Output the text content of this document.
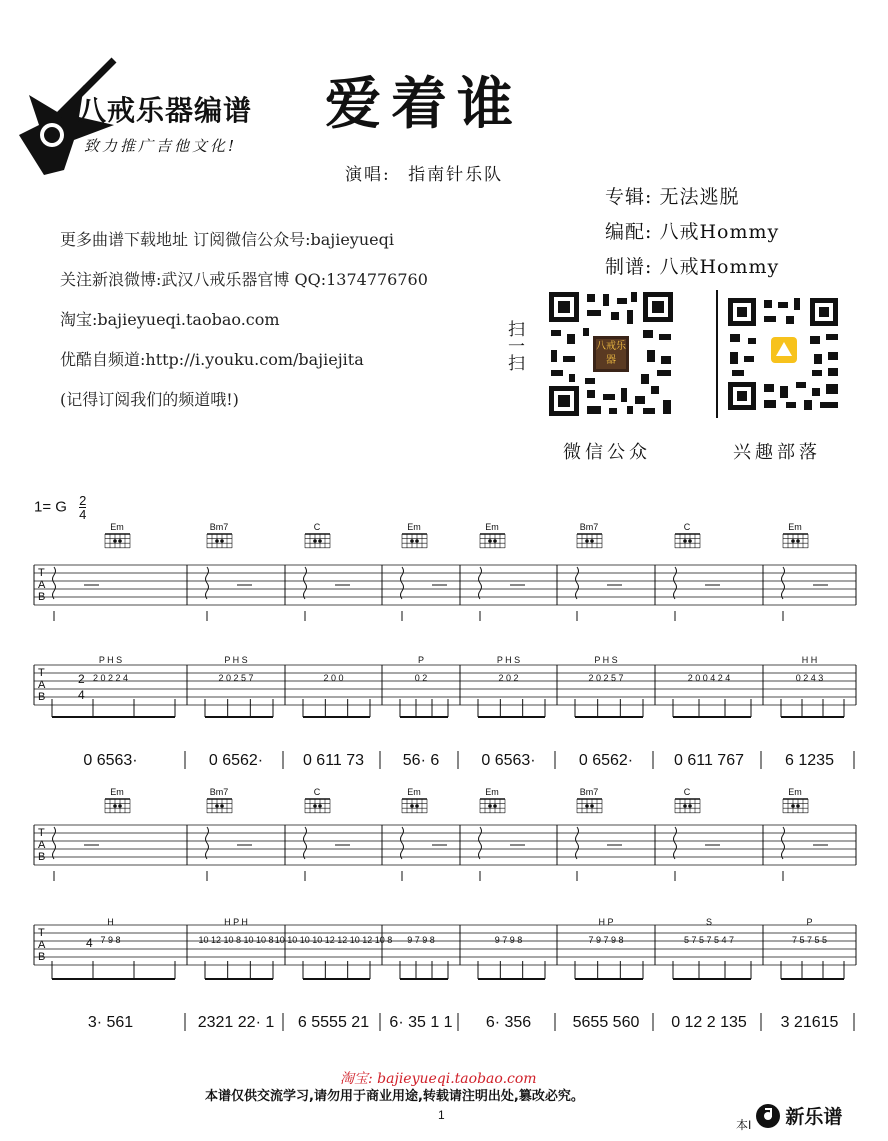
八戒乐器编谱
致力推广吉他文化!
爱着谁
演唱: 指南针乐队
专辑: 无法逃脱
编配: 八戒Hommy
制谱: 八戒Hommy
更多曲谱下载地址 订阅微信公众号:bajieyueqi
关注新浪微博:武汉八戒乐器官博 QQ:1374776760
淘宝:bajieyueqi.taobao.com
优酷自频道:http://i.youku.com/bajiejita
(记得订阅我们的频道哦!)
扫一扫	八戒乐器
微信公众	兴趣部落
1= G $\frac{2}{4}$
Em	Bm7	C	Em	Em	Bm7	C	Em
T
A
B
T
A
B
2
4
P H S
2 0 2 2 4
0 6563·
P H S
2 0 2 5 7
0 6562·
2 0 0
0 611 73
P
0 2
56· 6
P H S
2 0 2
0 6563·
P H S
2 0 2 5 7
0 6562·
2 0 0 4 2 4
0 611 767
H H
0 2 4 3
6 1235
Em	Bm7	C	Em	Em	Bm7	C	Em
T
A
B
T
A
B
4
H
7 9 8
3· 561
H P H
10 12 10 8 10 10 8
2321 22· 1
10 10 10 10 12 12 10 12 10 8
6 5555 21
9 7 9 8
6· 35 1 1
9 7 9 8
6· 356
H P
7 9 7 9 8
5655 560
S
5 7 5 7 5 4 7
0 12 2 135
P
7 5 7 5 5
3 21615
淘宝: bajieyueqi.taobao.com
本谱仅供交流学习,请勿用于商业用途,转载请注明出处,篡改必究。
1
本I 新乐谱
